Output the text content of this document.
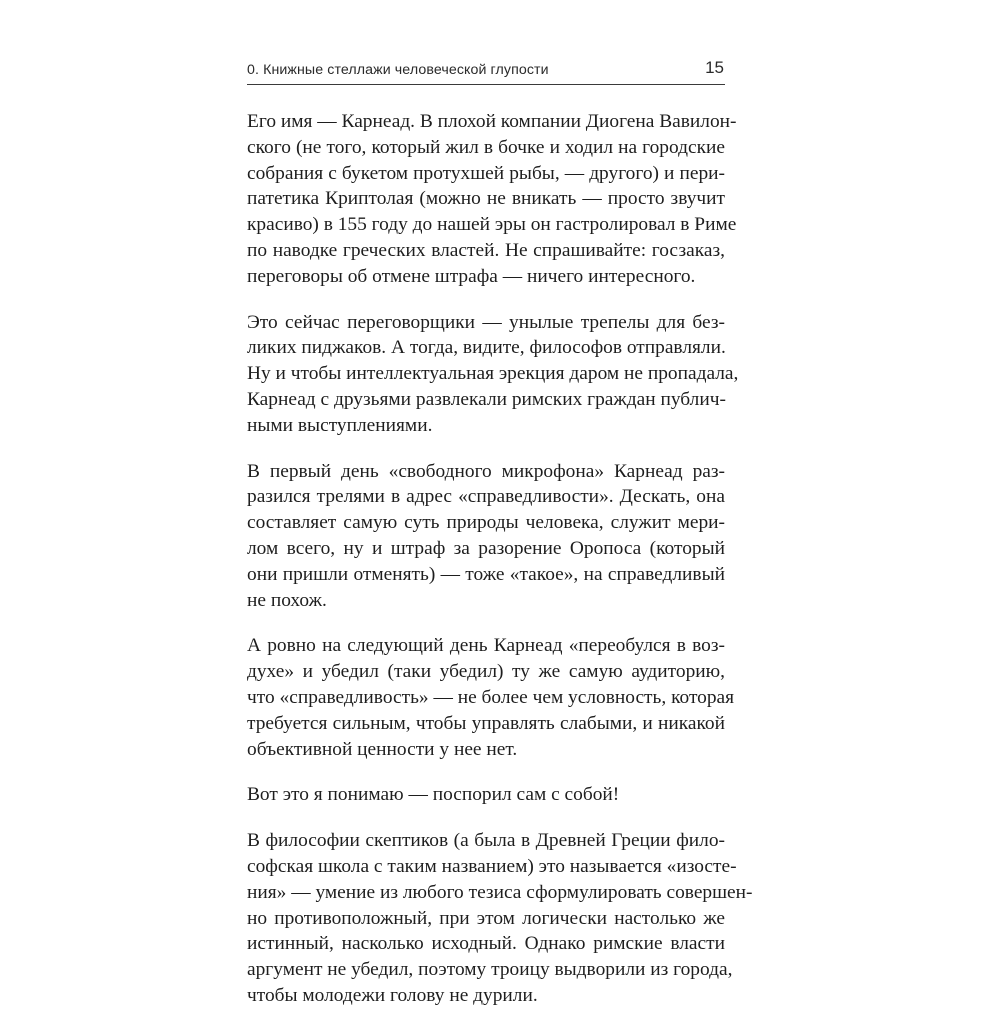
0. Книжные стеллажи человеческой глупости	15

Его имя — Карнеад. В плохой компании Диогена Вавилон-
ского (не того, который жил в бочке и ходил на городские
собрания с букетом протухшей рыбы, — другого) и пери-
патетика Криптолая (можно не вникать — просто звучит
красиво) в 155 году до нашей эры он гастролировал в Риме
по наводке греческих властей. Не спрашивайте: госзаказ,
переговоры об отмене штрафа — ничего интересного.

Это сейчас переговорщики — унылые трепелы для без-
ликих пиджаков. А тогда, видите, философов отправляли.
Ну и чтобы интеллектуальная эрекция даром не пропадала,
Карнеад с друзьями развлекали римских граждан публич-
ными выступлениями.

В первый день «свободного микрофона» Карнеад раз-
разился трелями в адрес «справедливости». Дескать, она
составляет самую суть природы человека, служит мери-
лом всего, ну и штраф за разорение Оропоса (который
они пришли отменять) — тоже «такое», на справедливый
не похож.

А ровно на следующий день Карнеад «переобулся в воз-
духе» и убедил (таки убедил) ту же самую аудиторию,
что «справедливость» — не более чем условность, которая
требуется сильным, чтобы управлять слабыми, и никакой
объективной ценности у нее нет.

Вот это я понимаю — поспорил сам с собой!

В философии скептиков (а была в Древней Греции фило-
софская школа с таким названием) это называется «изосте-
ния» — умение из любого тезиса сформулировать совершен-
но противоположный, при этом логически настолько же
истинный, насколько исходный. Однако римские власти
аргумент не убедил, поэтому троицу выдворили из города,
чтобы молодежи голову не дурили.
